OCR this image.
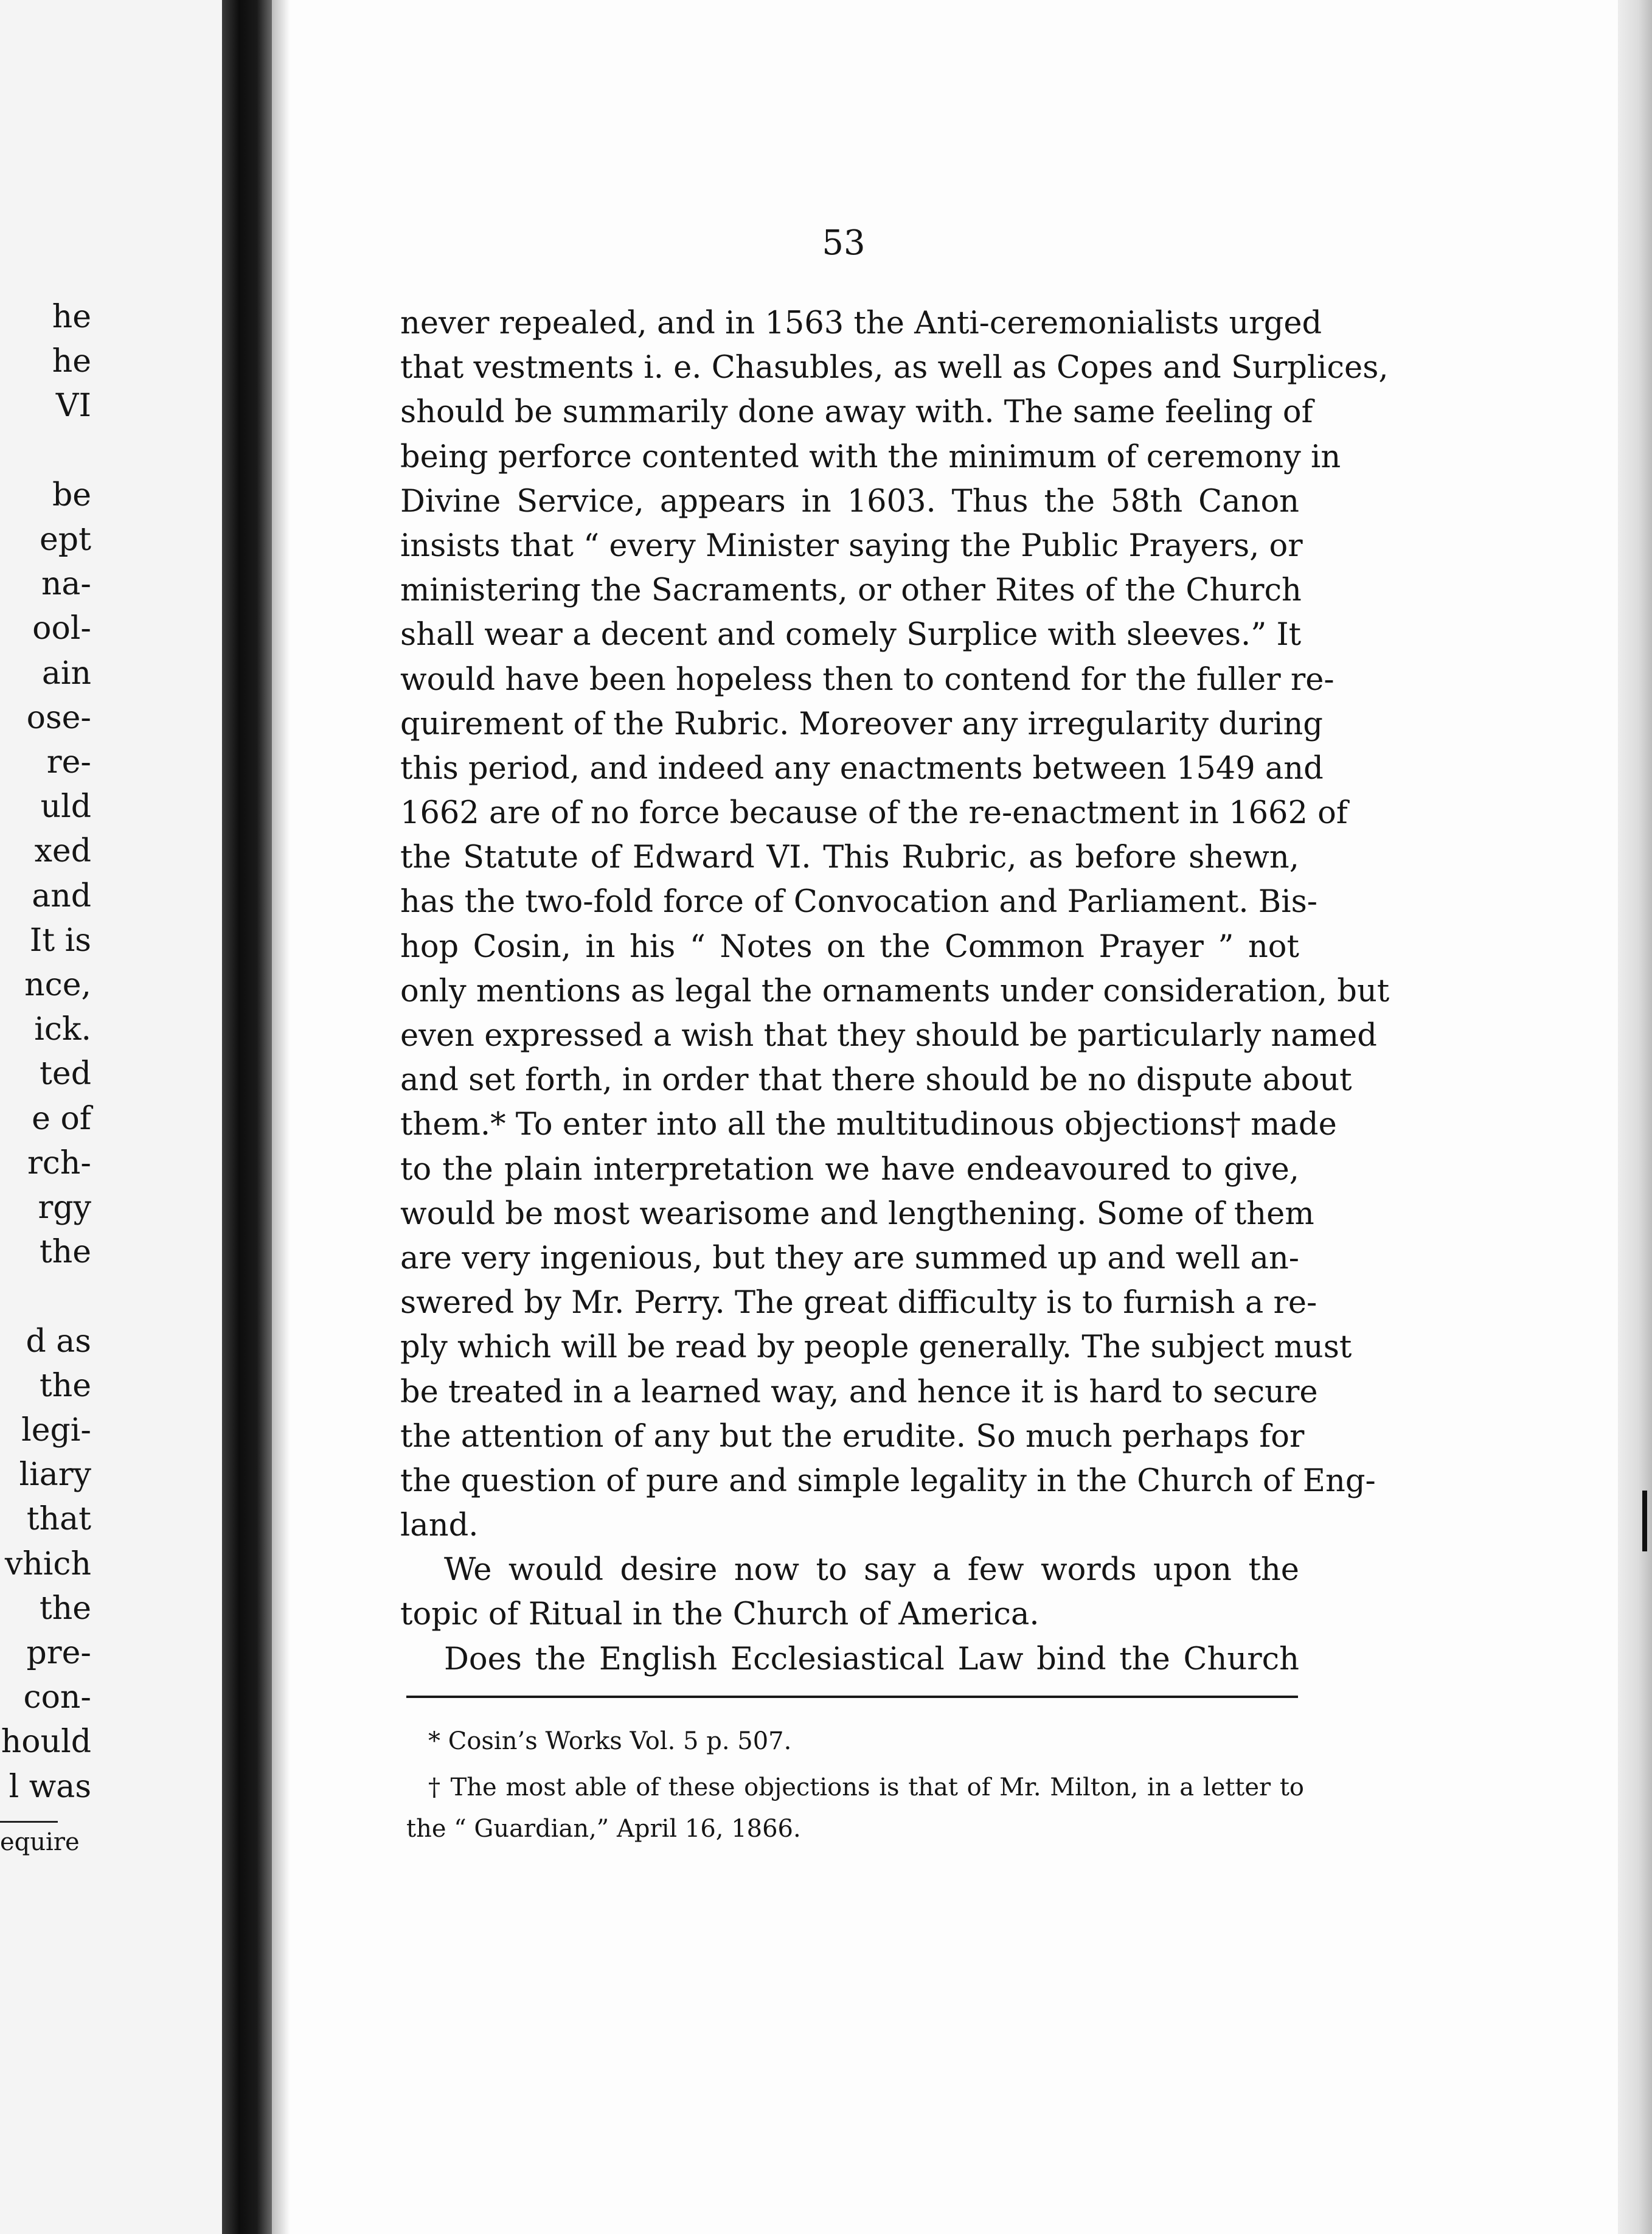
he
he
VI
be
ept
na-
ool-
ain
ose-
re-
uld
xed
and
It is
nce,
ick.
ted
e of
rch-
rgy
the
d as
the
legi-
liary
that
vhich
the
pre-
con-
hould
l was
equire
53
never repealed, and in 1563 the Anti-ceremonialists urged
that vestments i. e. Chasubles, as well as Copes and Surplices,
should be summarily done away with. The same feeling of
being perforce contented with the minimum of ceremony in
Divine Service, appears in 1603. Thus the 58th Canon
insists that “ every Minister saying the Public Prayers, or
ministering the Sacraments, or other Rites of the Church
shall wear a decent and comely Surplice with sleeves.” It
would have been hopeless then to contend for the fuller re-
quirement of the Rubric. Moreover any irregularity during
this period, and indeed any enactments between 1549 and
1662 are of no force because of the re-enactment in 1662 of
the Statute of Edward VI. This Rubric, as before shewn,
has the two-fold force of Convocation and Parliament. Bis-
hop Cosin, in his “ Notes on the Common Prayer ” not
only mentions as legal the ornaments under consideration, but
even expressed a wish that they should be particularly named
and set forth, in order that there should be no dispute about
them.* To enter into all the multitudinous objections† made
to the plain interpretation we have endeavoured to give,
would be most wearisome and lengthening. Some of them
are very ingenious, but they are summed up and well an-
swered by Mr. Perry. The great difficulty is to furnish a re-
ply which will be read by people generally. The subject must
be treated in a learned way, and hence it is hard to secure
the attention of any but the erudite. So much perhaps for
the question of pure and simple legality in the Church of Eng-
land.
We would desire now to say a few words upon the
topic of Ritual in the Church of America.
Does the English Ecclesiastical Law bind the Church
* Cosin’s Works Vol. 5 p. 507.
† The most able of these objections is that of Mr. Milton, in a letter to
the “ Guardian,” April 16, 1866.
